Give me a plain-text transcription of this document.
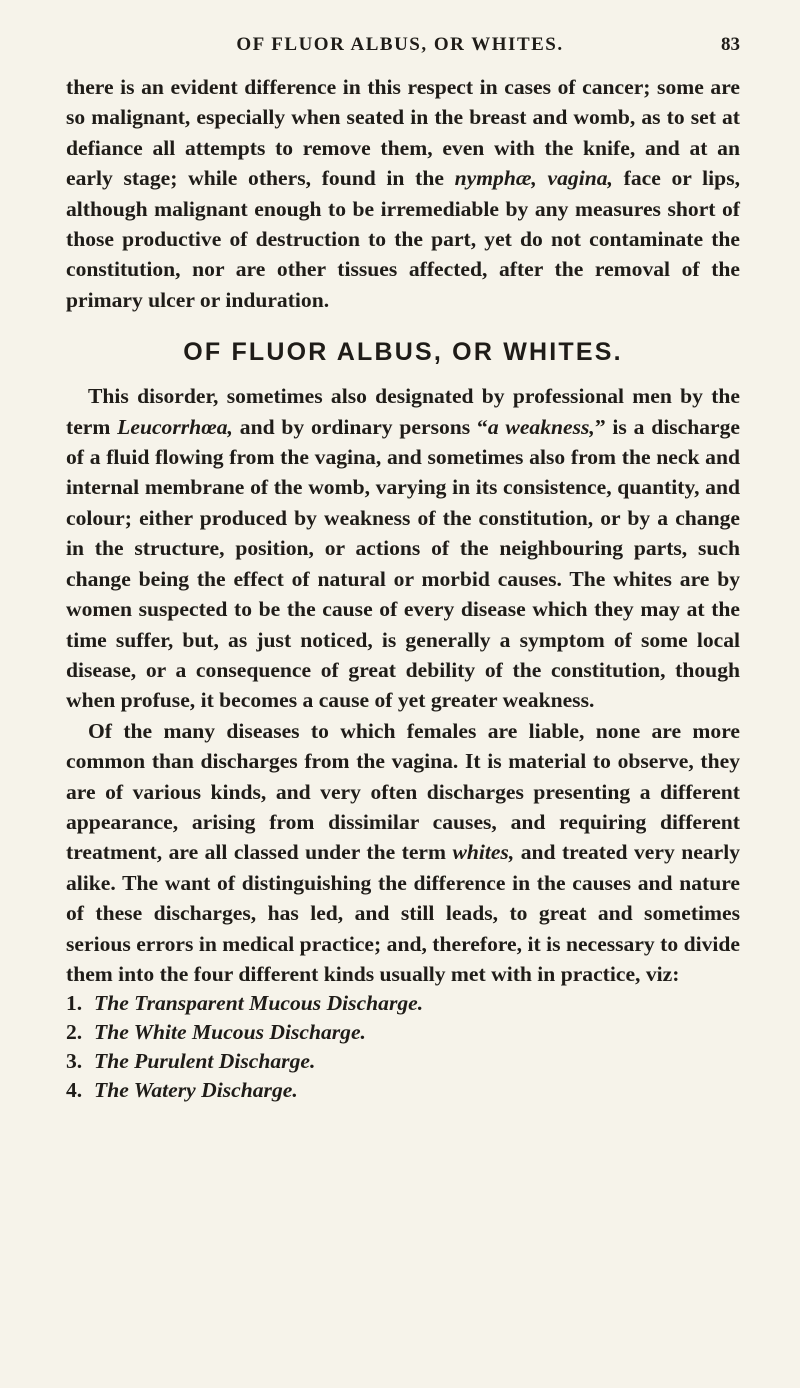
OF FLUOR ALBUS, OR WHITES.	83

there is an evident difference in this respect in cases of cancer; some are so malignant, especially when seated in the breast and womb, as to set at defiance all attempts to remove them, even with the knife, and at an early stage; while others, found in the nymphæ, vagina, face or lips, although malignant enough to be irremediable by any measures short of those productive of destruction to the part, yet do not contaminate the constitution, nor are other tissues affected, after the removal of the primary ulcer or induration.

OF FLUOR ALBUS, OR WHITES.

This disorder, sometimes also designated by professional men by the term Leucorrhœa, and by ordinary persons “a weakness,” is a discharge of a fluid flowing from the vagina, and sometimes also from the neck and internal membrane of the womb, varying in its consistence, quantity, and colour; either produced by weakness of the constitution, or by a change in the structure, position, or actions of the neighbouring parts, such change being the effect of natural or morbid causes. The whites are by women suspected to be the cause of every disease which they may at the time suffer, but, as just noticed, is generally a symptom of some local disease, or a consequence of great debility of the constitution, though when profuse, it becomes a cause of yet greater weakness.

Of the many diseases to which females are liable, none are more common than discharges from the vagina. It is material to observe, they are of various kinds, and very often discharges presenting a different appearance, arising from dissimilar causes, and requiring different treatment, are all classed under the term whites, and treated very nearly alike. The want of distinguishing the difference in the causes and nature of these discharges, has led, and still leads, to great and sometimes serious errors in medical practice; and, therefore, it is necessary to divide them into the four different kinds usually met with in practice, viz:

1. The Transparent Mucous Discharge.
2. The White Mucous Discharge.
3. The Purulent Discharge.
4. The Watery Discharge.
